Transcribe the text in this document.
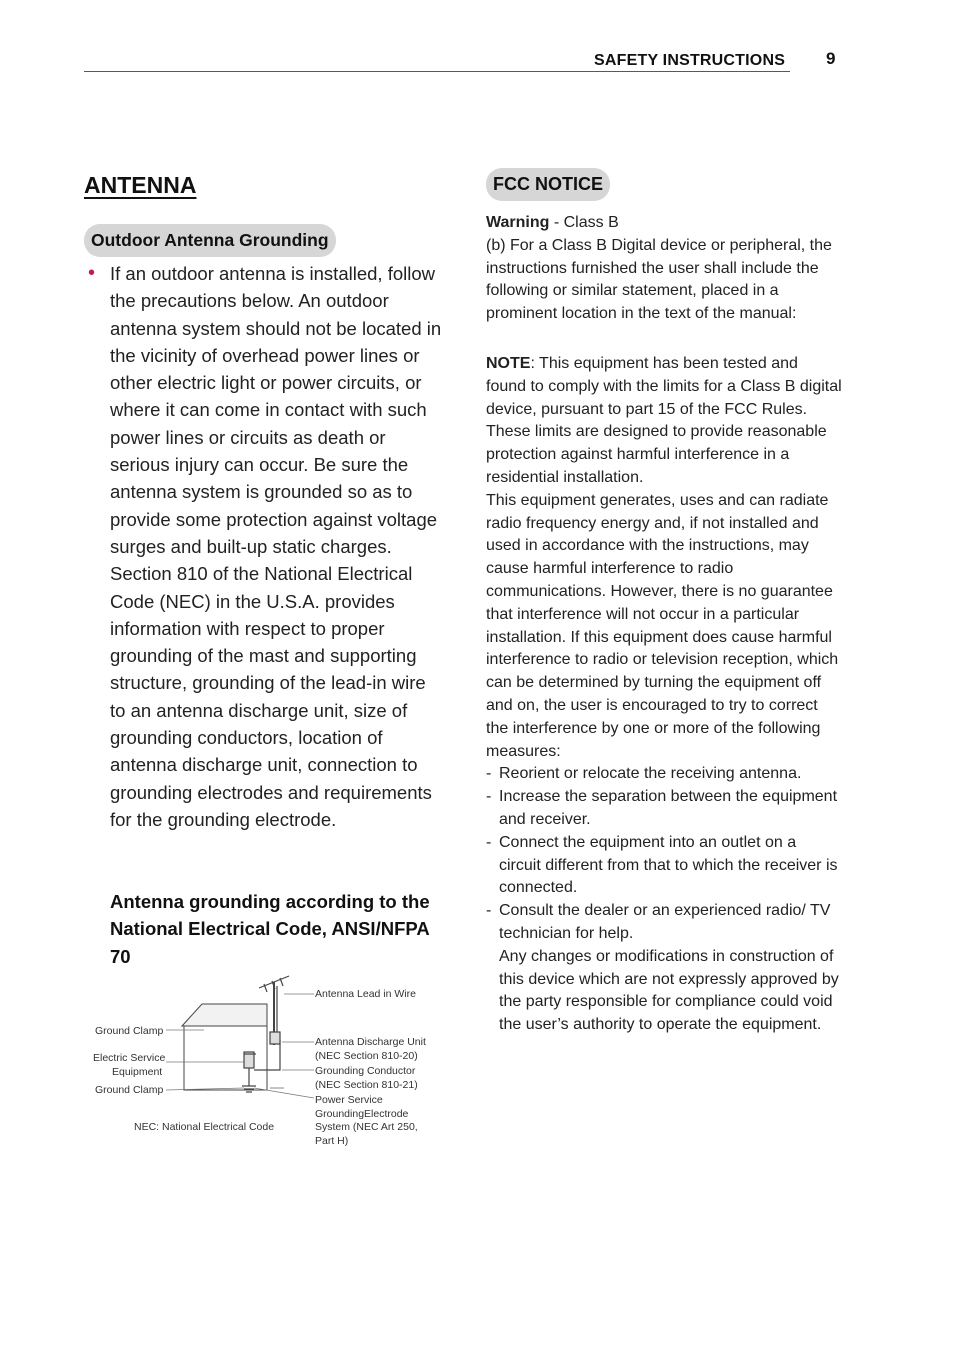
SAFETY INSTRUCTIONS 9
ANTENNA
Outdoor Antenna Grounding
• If an outdoor antenna is installed, follow the precautions below. An outdoor antenna system should not be located in the vicinity of overhead power lines or other electric light or power circuits, or where it can come in contact with such power lines or circuits as death or serious injury can occur. Be sure the antenna system is grounded so as to provide some protection against voltage surges and built-up static charges. Section 810 of the National Electrical Code (NEC) in the U.S.A. provides information with respect to proper grounding of the mast and supporting structure, grounding of the lead-in wire to an antenna discharge unit, size of grounding conductors, location of antenna discharge unit, connection to grounding electrodes and requirements for the grounding electrode.
Antenna grounding according to the National Electrical Code, ANSI/NFPA 70
Antenna Lead in Wire
Ground Clamp
Electric Service
Equipment
Ground Clamp
Antenna Discharge Unit
(NEC Section 810-20)
Grounding Conductor
(NEC Section 810-21)
Power Service
GroundingElectrode
System (NEC Art 250,
Part H)
NEC: National Electrical Code
FCC NOTICE

Warning - Class B

(b) For a Class B Digital device or peripheral, the instructions furnished the user shall include the following or similar statement, placed in a prominent location in the text of the manual:

NOTE: This equipment has been tested and found to comply with the limits for a Class B digital device, pursuant to part 15 of the FCC Rules. These limits are designed to provide reasonable protection against harmful interference in a residential installation.

This equipment generates, uses and can radiate radio frequency energy and, if not installed and used in accordance with the instructions, may cause harmful interference to radio communications. However, there is no guarantee that interference will not occur in a particular installation. If this equipment does cause harmful interference to radio or television reception, which can be determined by turning the equipment off and on, the user is encouraged to try to correct the interference by one or more of the following measures:

- Reorient or relocate the receiving antenna.
- Increase the separation between the equipment and receiver.
- Connect the equipment into an outlet on a circuit different from that to which the receiver is connected.
- Consult the dealer or an experienced radio/ TV technician for help.

Any changes or modifications in construction of this device which are not expressly approved by the party responsible for compliance could void the user’s authority to operate the equipment.
